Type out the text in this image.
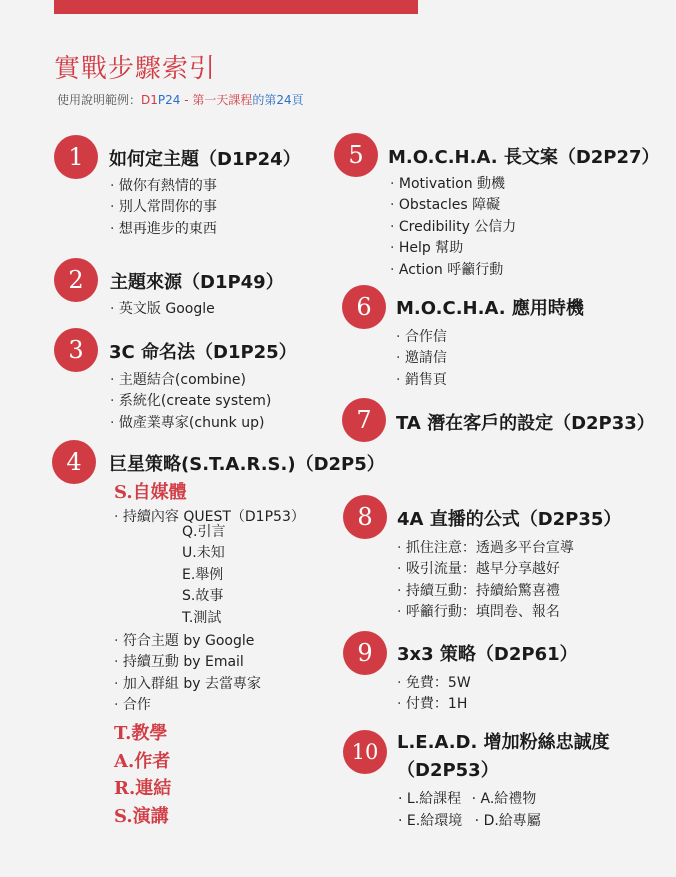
實戰步驟索引
使用說明範例：D1P24 - 第一天課程的第24頁
1	如何定主題（D1P24）
· 做你有熱情的事
· 別人常問你的事
· 想再進步的東西
2	主題來源（D1P49）
· 英文版 Google
3	3C 命名法（D1P25）
· 主題結合(combine)
· 系統化(create system)
· 做產業專家(chunk up)
4	巨星策略(S.T.A.R.S.)（D2P5）
S.自媒體
· 持續內容 QUEST（D1P53）
Q.引言
U.未知
E.舉例
S.故事
T.測試
· 符合主題 by Google
· 持續互動 by Email
· 加入群組 by 去當專家
· 合作
T.教學
A.作者
R.連結
S.演講
5	M.O.C.H.A. 長文案（D2P27）
· Motivation 動機
· Obstacles 障礙
· Credibility 公信力
· Help 幫助
· Action 呼籲行動
6	M.O.C.H.A. 應用時機
· 合作信
· 邀請信
· 銷售頁
7	TA 潛在客戶的設定（D2P33）
8	4A 直播的公式（D2P35）
· 抓住注意：透過多平台宣導
· 吸引流量：越早分享越好
· 持續互動：持續給驚喜禮
· 呼籲行動：填問卷、報名
9	3x3 策略（D2P61）
· 免費：5W
· 付費：1H
10	L.E.A.D. 增加粉絲忠誠度（D2P53）
· L.給課程 · A.給禮物
· E.給環境 · D.給專屬
